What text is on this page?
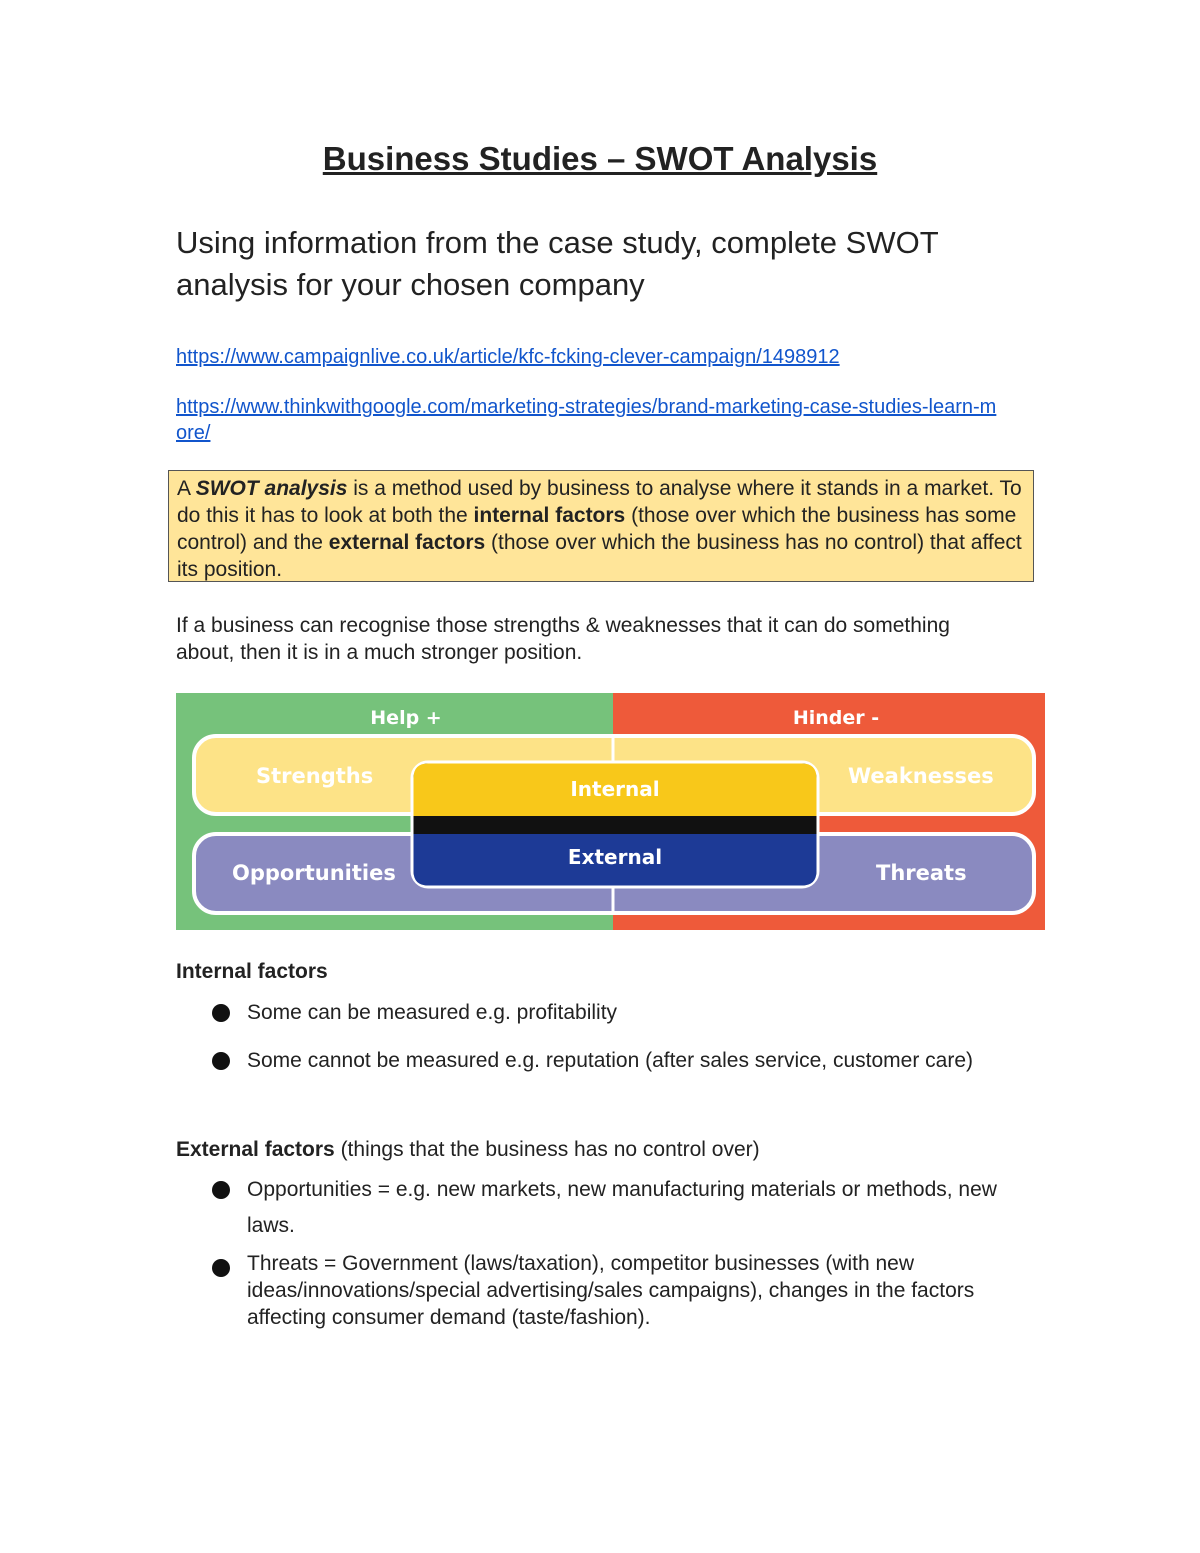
Business Studies – SWOT Analysis

Using information from the case study, complete SWOT analysis for your chosen company

https://www.campaignlive.co.uk/article/kfc-fcking-clever-campaign/1498912
https://www.thinkwithgoogle.com/marketing-strategies/brand-marketing-case-studies-learn-more/
A SWOT analysis is a method used by business to analyse where it stands in a market. To do this it has to look at both the internal factors (those over which the business has some control) and the external factors (those over which the business has no control) that affect its position.

If a business can recognise those strengths & weaknesses that it can do something about, then it is in a much stronger position.

Help +	Hinder -
Strengths	Weaknesses
Opportunities	Threats
Internal
External
Internal factors
Some can be measured e.g. profitability
Some cannot be measured e.g. reputation (after sales service, customer care)

External factors (things that the business has no control over)

Opportunities = e.g. new markets, new manufacturing materials or methods, new laws.
Threats = Government (laws/taxation), competitor businesses (with new ideas/innovations/special advertising/sales campaigns), changes in the factors affecting consumer demand (taste/fashion).
